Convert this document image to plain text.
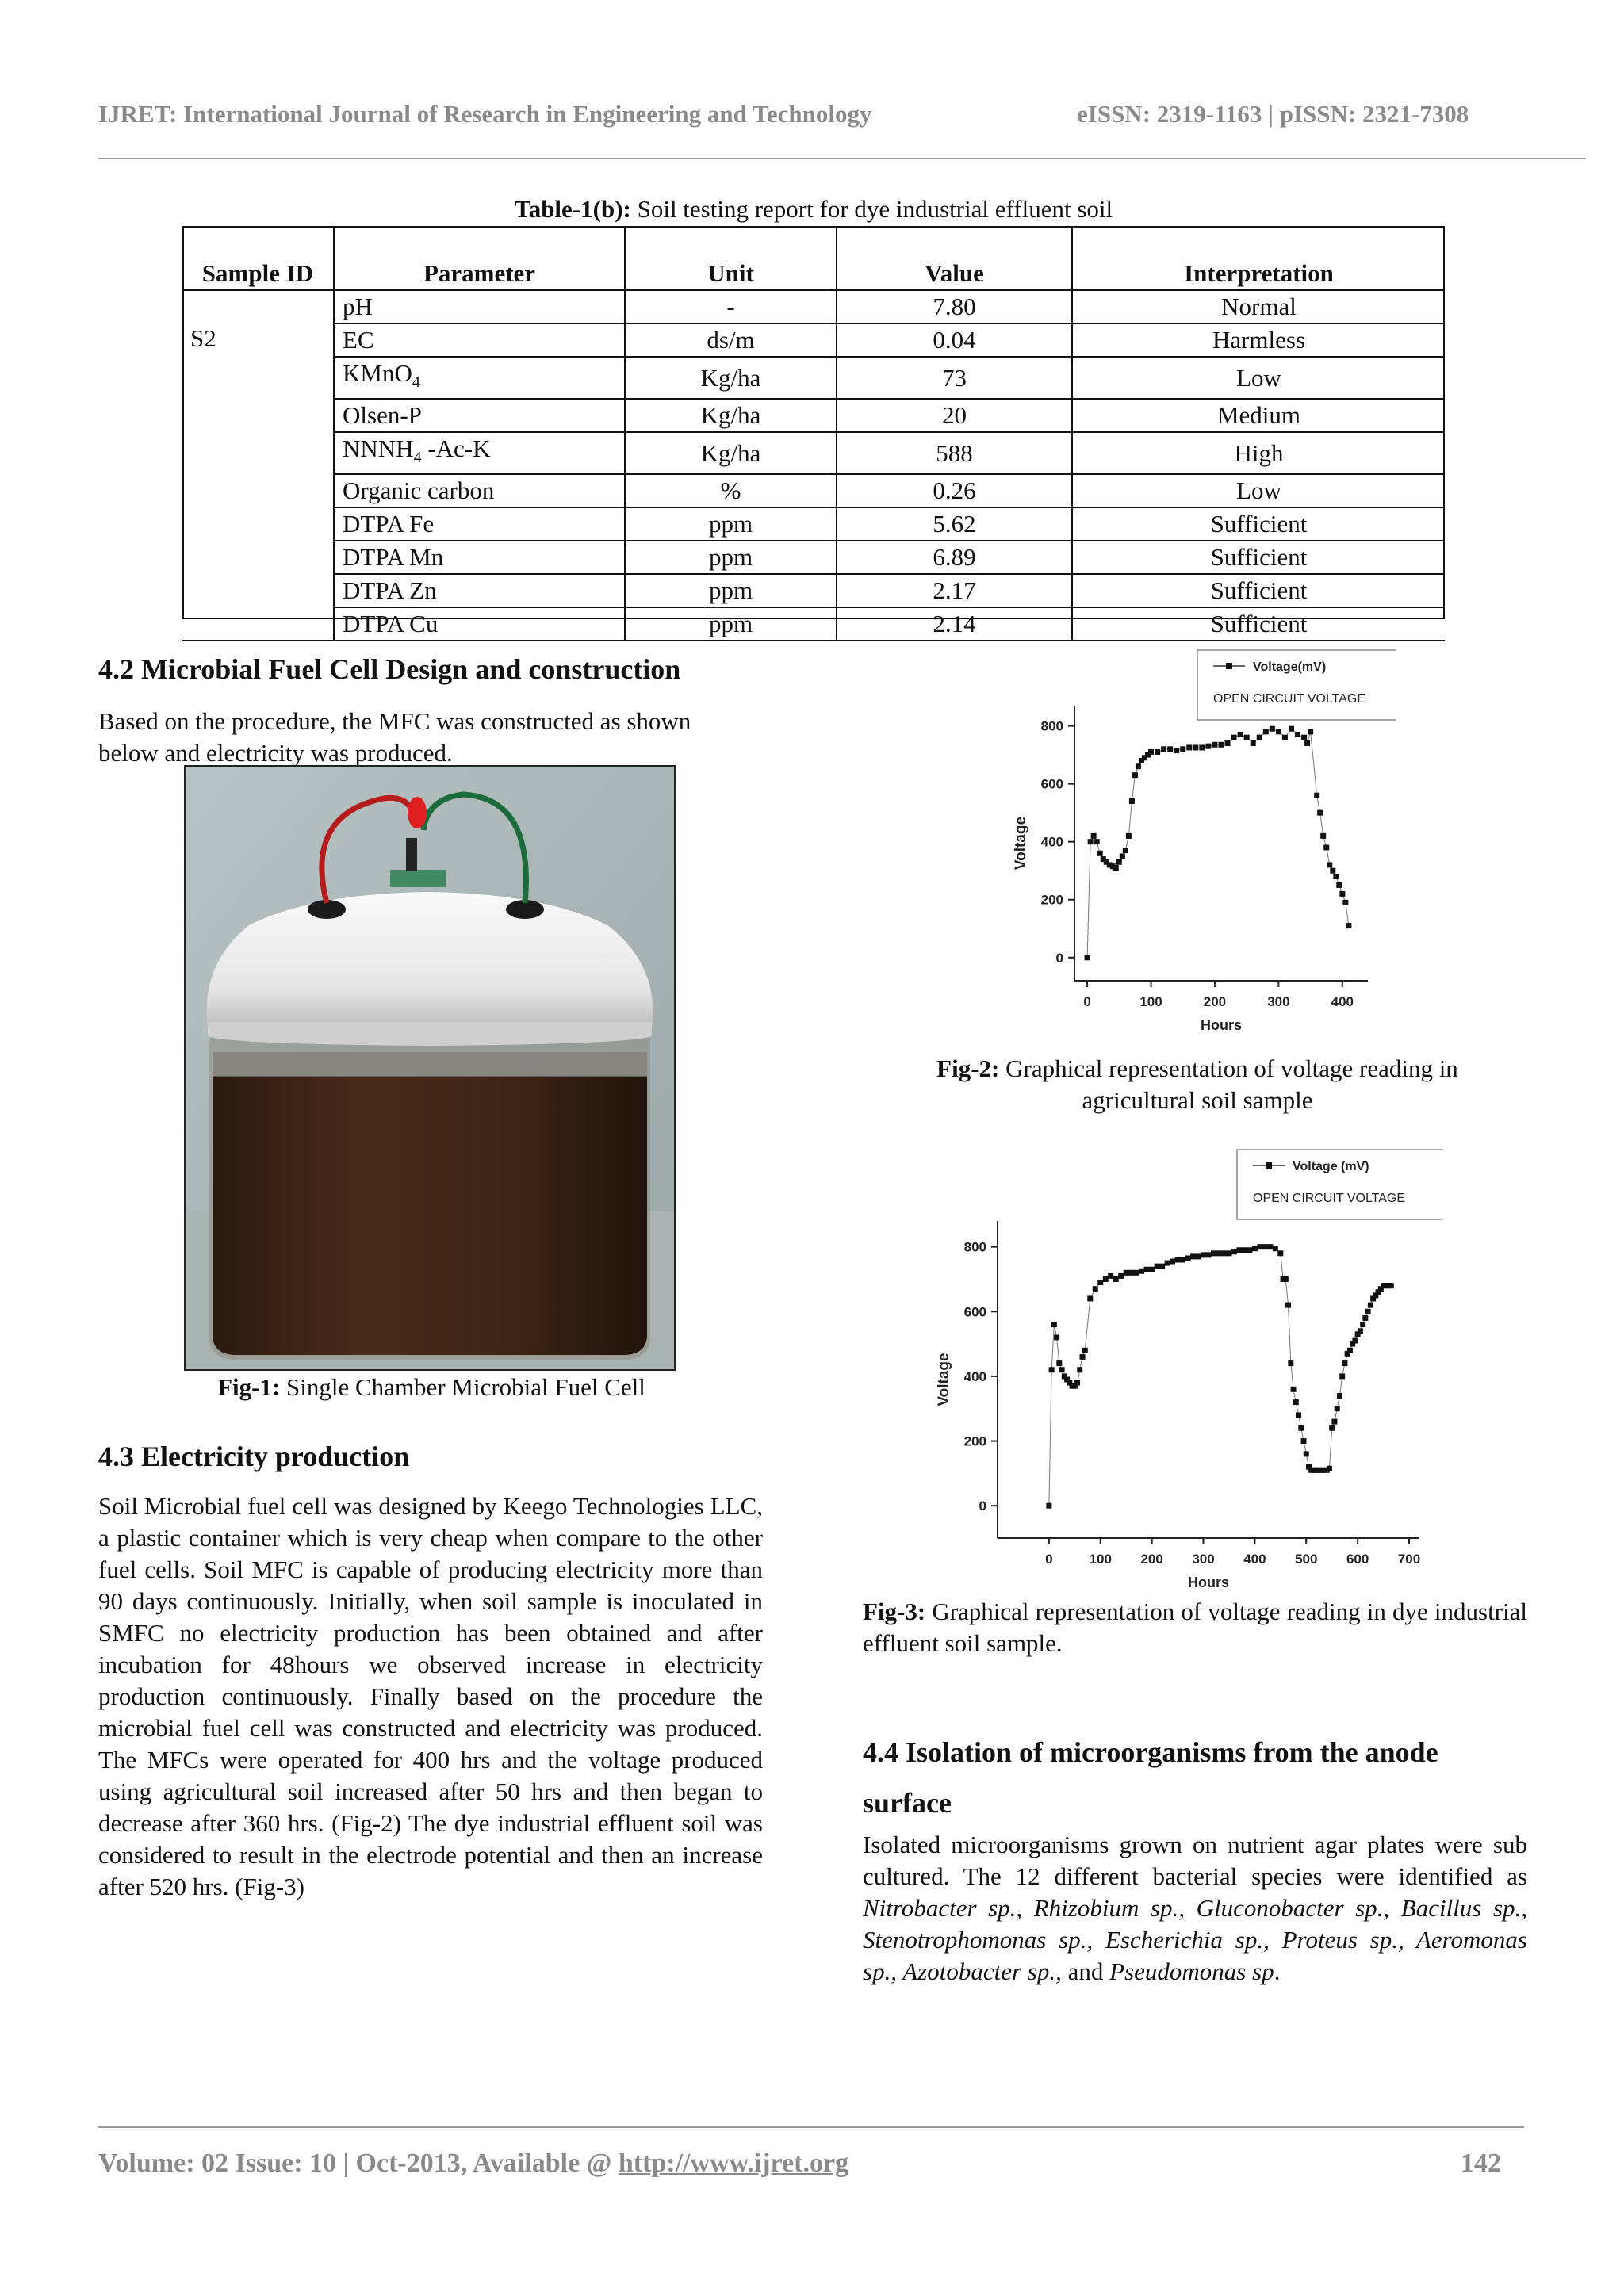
IJRET: International Journal of Research in Engineering and Technology	eISSN: 2319-1163 | pISSN: 2321-7308
Table-1(b): Soil testing report for dye industrial effluent soil
Sample ID	Parameter	Unit	Value	Interpretation
S2	pH	-	7.80	Normal
	EC	ds/m	0.04	Harmless
	KMnO$_4$	Kg/ha	73	Low
	Olsen-P	Kg/ha	20	Medium
	$NNNH_4$ -Ac-K	Kg/ha	588	High
	Organic carbon	%	0.26	Low
	DTPA Fe	ppm	5.62	Sufficient
	DTPA Mn	ppm	6.89	Sufficient
	DTPA Zn	ppm	2.17	Sufficient
	DTPA Cu	ppm	2.14	Sufficient
4.2 Microbial Fuel Cell Design and construction
Based on the procedure, the MFC was constructed as shown
below and electricity was produced.
Fig-1: Single Chamber Microbial Fuel Cell
4.3 Electricity production
Soil Microbial fuel cell was designed by Keego Technologies LLC, a plastic container which is very cheap when compare to the other fuel cells. Soil MFC is capable of producing electricity more than 90 days continuously. Initially, when soil sample is inoculated in SMFC no electricity production has been obtained and after incubation for 48hours we observed increase in electricity production continuously. Finally based on the procedure the microbial fuel cell was constructed and electricity was produced. The MFCs were operated for 400 hrs and the voltage produced using agricultural soil increased after 50 hrs and then began to decrease after 360 hrs. (Fig-2) The dye industrial effluent soil was considered to result in the electrode potential and then an increase after 520 hrs. (Fig-3)
0
200
400
600
800
0	100	200	300	400
Hours
Voltage
Voltage(mV)
OPEN CIRCUIT VOLTAGE
Fig-2: Graphical representation of voltage reading in
agricultural soil sample
0
200
400
600
800
0	100 200 300 400 500 600 700
Hours
Voltage
Voltage (mV)
OPEN CIRCUIT VOLTAGE
Fig-3: Graphical representation of voltage reading in dye industrial effluent soil sample.
4.4 Isolation of microorganisms from the anode
surface
Isolated microorganisms grown on nutrient agar plates were sub cultured. The 12 different bacterial species were identified as Nitrobacter sp., Rhizobium sp., Gluconobacter sp., Bacillus sp., Stenotrophomonas sp., Escherichia sp., Proteus sp., Aeromonas sp., Azotobacter sp., and Pseudomonas sp.
Volume: 02 Issue: 10 | Oct-2013, Available @ http://www.ijret.org	142
